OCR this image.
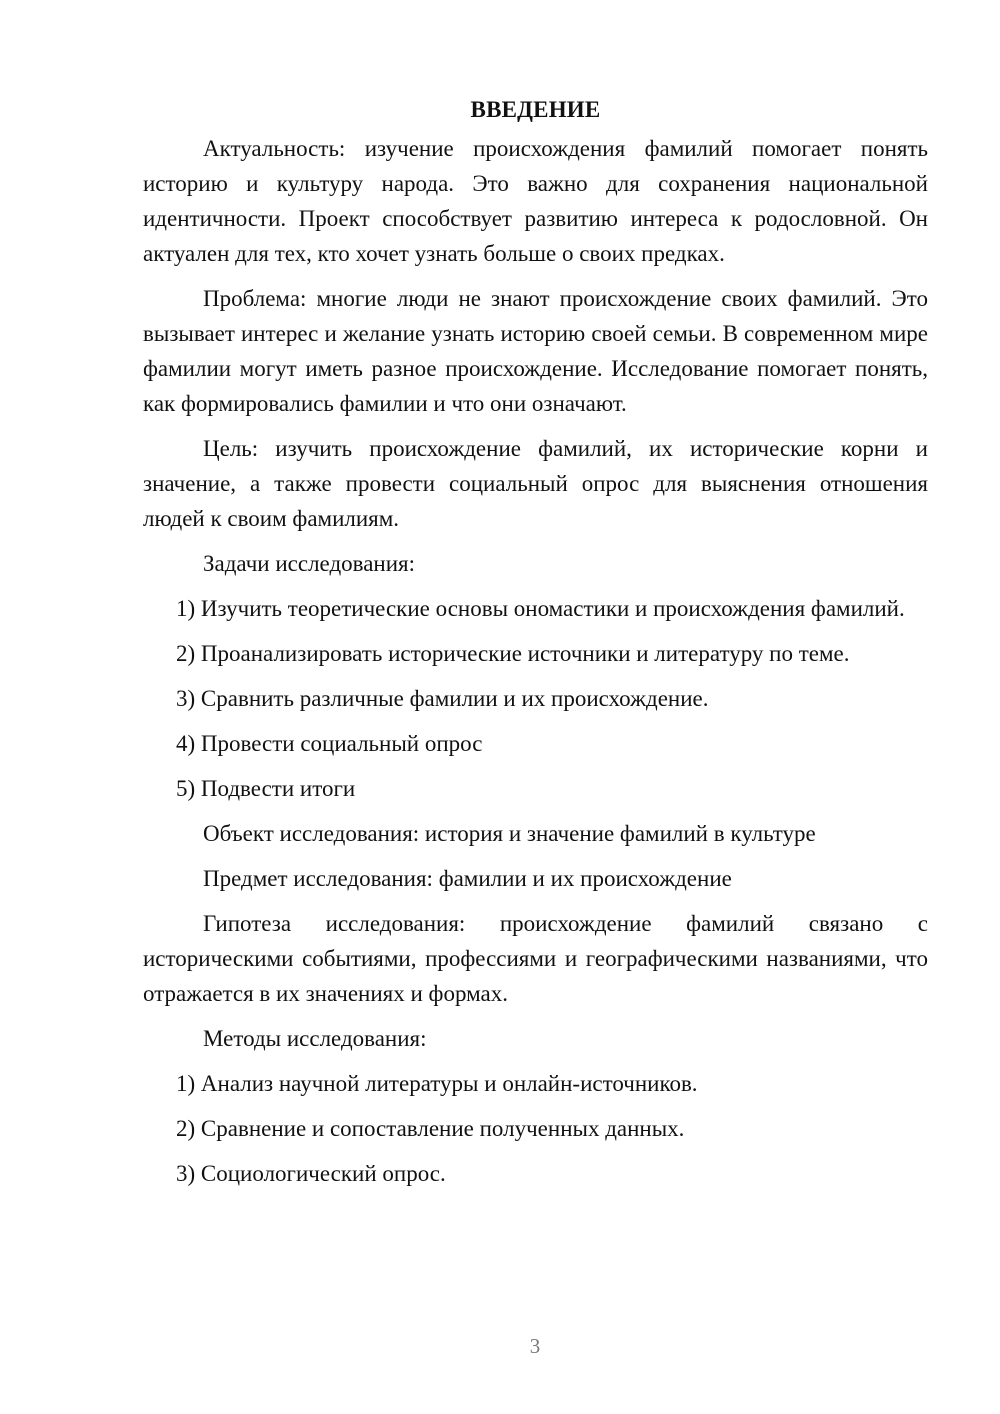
ВВЕДЕНИЕ

Актуальность: изучение происхождения фамилий помогает понять историю и культуру народа. Это важно для сохранения национальной идентичности. Проект способствует развитию интереса к родословной. Он актуален для тех, кто хочет узнать больше о своих предках.

Проблема: многие люди не знают происхождение своих фамилий. Это вызывает интерес и желание узнать историю своей семьи. В современном мире фамилии могут иметь разное происхождение. Исследование помогает понять, как формировались фамилии и что они означают.

Цель: изучить происхождение фамилий, их исторические корни и значение, а также провести социальный опрос для выяснения отношения людей к своим фамилиям.

Задачи исследования:

1) Изучить теоретические основы ономастики и происхождения фамилий.

2) Проанализировать исторические источники и литературу по теме.
3) Сравнить различные фамилии и их происхождение.
4) Провести социальный опрос
5) Подвести итоги
Объект исследования: история и значение фамилий в культуре
Предмет исследования: фамилии и их происхождение

Гипотеза исследования: происхождение фамилий связано с историческими событиями, профессиями и географическими названиями, что отражается в их значениях и формах.

Методы исследования:
1) Анализ научной литературы и онлайн-источников.
2) Сравнение и сопоставление полученных данных.
3) Социологический опрос.
3
